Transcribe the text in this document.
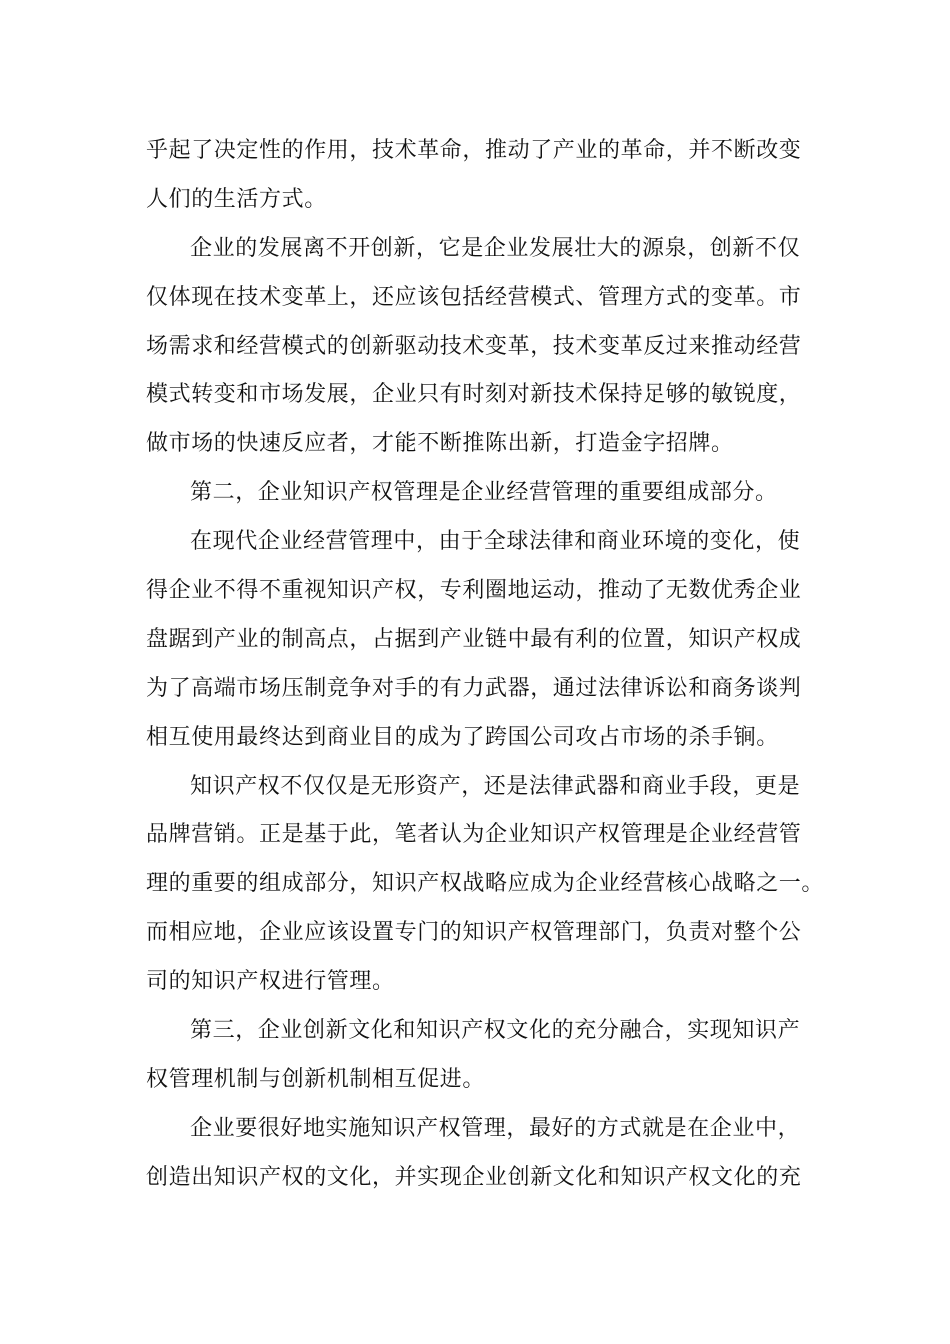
乎起了决定性的作用，技术革命，推动了产业的革命，并不断改变
人们的生活方式。
企业的发展离不开创新，它是企业发展壮大的源泉，创新不仅
仅体现在技术变革上，还应该包括经营模式、管理方式的变革。市
场需求和经营模式的创新驱动技术变革，技术变革反过来推动经营
模式转变和市场发展，企业只有时刻对新技术保持足够的敏锐度，
做市场的快速反应者，才能不断推陈出新，打造金字招牌。
第二，企业知识产权管理是企业经营管理的重要组成部分。
在现代企业经营管理中，由于全球法律和商业环境的变化，使
得企业不得不重视知识产权，专利圈地运动，推动了无数优秀企业
盘踞到产业的制高点，占据到产业链中最有利的位置，知识产权成
为了高端市场压制竞争对手的有力武器，通过法律诉讼和商务谈判
相互使用最终达到商业目的成为了跨国公司攻占市场的杀手锏。
知识产权不仅仅是无形资产，还是法律武器和商业手段，更是
品牌营销。正是基于此，笔者认为企业知识产权管理是企业经营管
理的重要的组成部分，知识产权战略应成为企业经营核心战略之一。
而相应地，企业应该设置专门的知识产权管理部门，负责对整个公
司的知识产权进行管理。
第三，企业创新文化和知识产权文化的充分融合，实现知识产
权管理机制与创新机制相互促进。
企业要很好地实施知识产权管理，最好的方式就是在企业中，
创造出知识产权的文化，并实现企业创新文化和知识产权文化的充
